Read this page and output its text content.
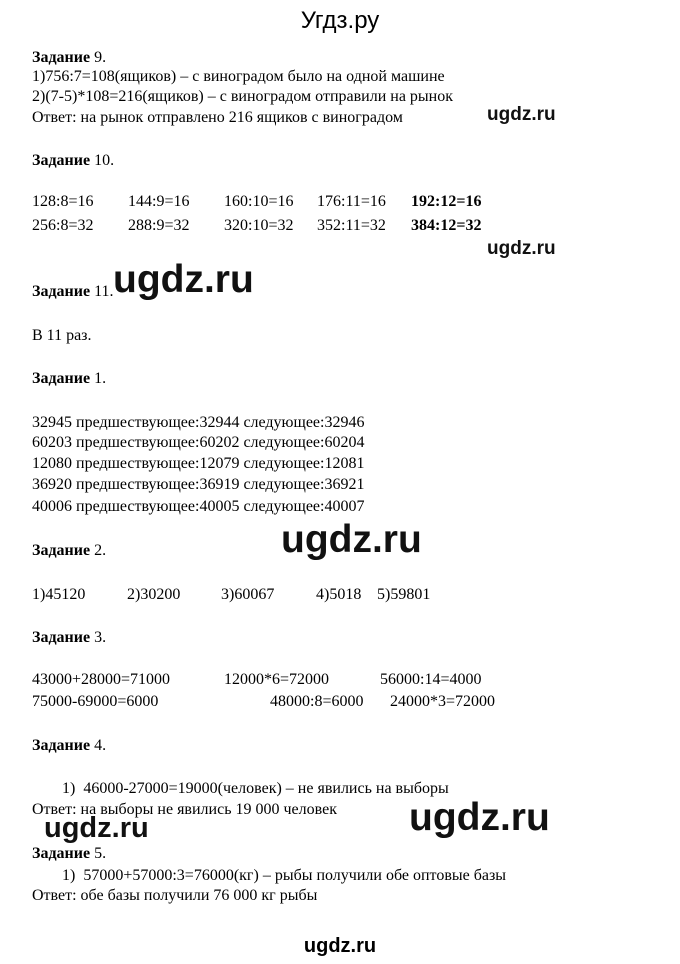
Угдз.ру
Задание 9.
1)756:7=108(ящиков) – с виноградом было на одной машине
2)(7-5)*108=216(ящиков) – с виноградом отправили на рынок
Ответ: на рынок отправлено 216 ящиков с виноградом	ugdz.ru
Задание 10.
128:8=16 144:9=16 160:10=16 176:11=16 192:12=16
256:8=32 288:9=32 320:10=32 352:11=32 384:12=32
ugdz.ru
Задание 11. ugdz.ru
В 11 раз.
Задание 1.
32945 предшествующее:32944 следующее:32946
60203 предшествующее:60202 следующее:60204
12080 предшествующее:12079 следующее:12081
36920 предшествующее:36919 следующее:36921
40006 предшествующее:40005 следующее:40007
ugdz.ru
Задание 2.
1)45120	2)30200	3)60067	4)5018 5)59801
Задание 3.
43000+28000=71000	12000*6=72000	56000:14=4000
75000-69000=6000	48000:8=6000 24000*3=72000
Задание 4.
1)  46000-27000=19000(человек) – не явились на выборы
Ответ: на выборы не явились 19 000 человек
ugdz.ru	ugdz.ru
Задание 5.
1)  57000+57000:3=76000(кг) – рыбы получили обе оптовые базы
Ответ: обе базы получили 76 000 кг рыбы
ugdz.ru
